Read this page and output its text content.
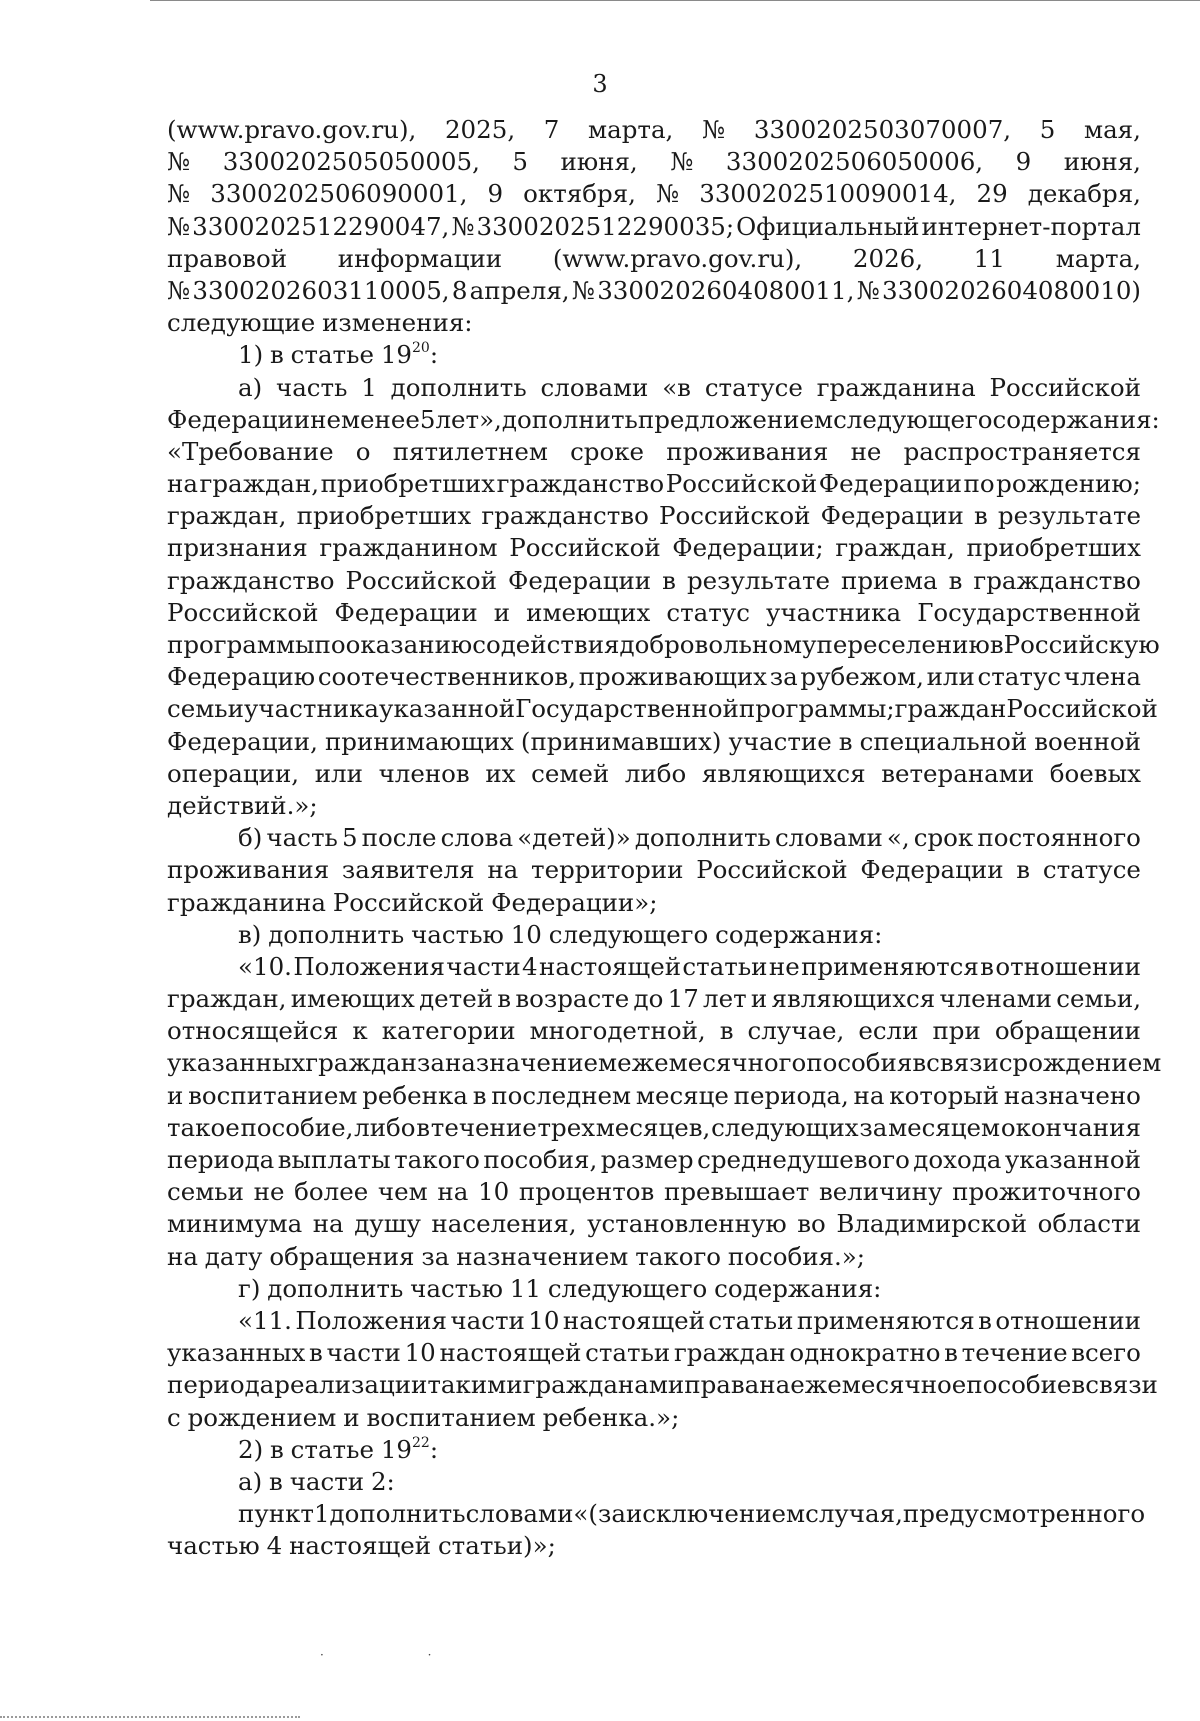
3
(www.pravo.gov.ru), 2025, 7 марта, № 3300202503070007, 5 мая,
№ 3300202505050005, 5 июня, № 3300202506050006, 9 июня,
№ 3300202506090001, 9 октября, № 3300202510090014, 29 декабря,
№ 3300202512290047, № 3300202512290035; Официальный интернет-портал
правовой информации (www.pravo.gov.ru), 2026, 11 марта,
№ 3300202603110005, 8 апреля, № 3300202604080011, № 3300202604080010)
следующие изменения:
1) в статье $19^{20}$:
а) часть 1 дополнить словами «в статусе гражданина Российской
Федерации не менее 5 лет», дополнить предложением следующего содержания:
«Требование о пятилетнем сроке проживания не распространяется
на граждан, приобретших гражданство Российской Федерации по рождению;
граждан, приобретших гражданство Российской Федерации в результате
признания гражданином Российской Федерации; граждан, приобретших
гражданство Российской Федерации в результате приема в гражданство
Российской Федерации и имеющих статус участника Государственной
программы по оказанию содействия добровольному переселению в Российскую
Федерацию соотечественников, проживающих за рубежом, или статус члена
семьи участника указанной Государственной программы; граждан Российской
Федерации, принимающих (принимавших) участие в специальной военной
операции, или членов их семей либо являющихся ветеранами боевых
действий.»;
б) часть 5 после слова «детей)» дополнить словами «, срок постоянного
проживания заявителя на территории Российской Федерации в статусе
гражданина Российской Федерации»;
в) дополнить частью 10 следующего содержания:
«10. Положения части 4 настоящей статьи не применяются в отношении
граждан, имеющих детей в возрасте до 17 лет и являющихся членами семьи,
относящейся к категории многодетной, в случае, если при обращении
указанных граждан за назначением ежемесячного пособия в связи с рождением
и воспитанием ребенка в последнем месяце периода, на который назначено
такое пособие, либо в течение трех месяцев, следующих за месяцем окончания
периода выплаты такого пособия, размер среднедушевого дохода указанной
семьи не более чем на 10 процентов превышает величину прожиточного
минимума на душу населения, установленную во Владимирской области
на дату обращения за назначением такого пособия.»;
г) дополнить частью 11 следующего содержания:
«11. Положения части 10 настоящей статьи применяются в отношении
указанных в части 10 настоящей статьи граждан однократно в течение всего
периода реализации такими гражданами права на ежемесячное пособие в связи
с рождением и воспитанием ребенка.»;
2) в статье $19^{22}$:
а) в части 2:
пункт 1 дополнить словами «(за исключением случая, предусмотренного
частью 4 настоящей статьи)»;
· ·
